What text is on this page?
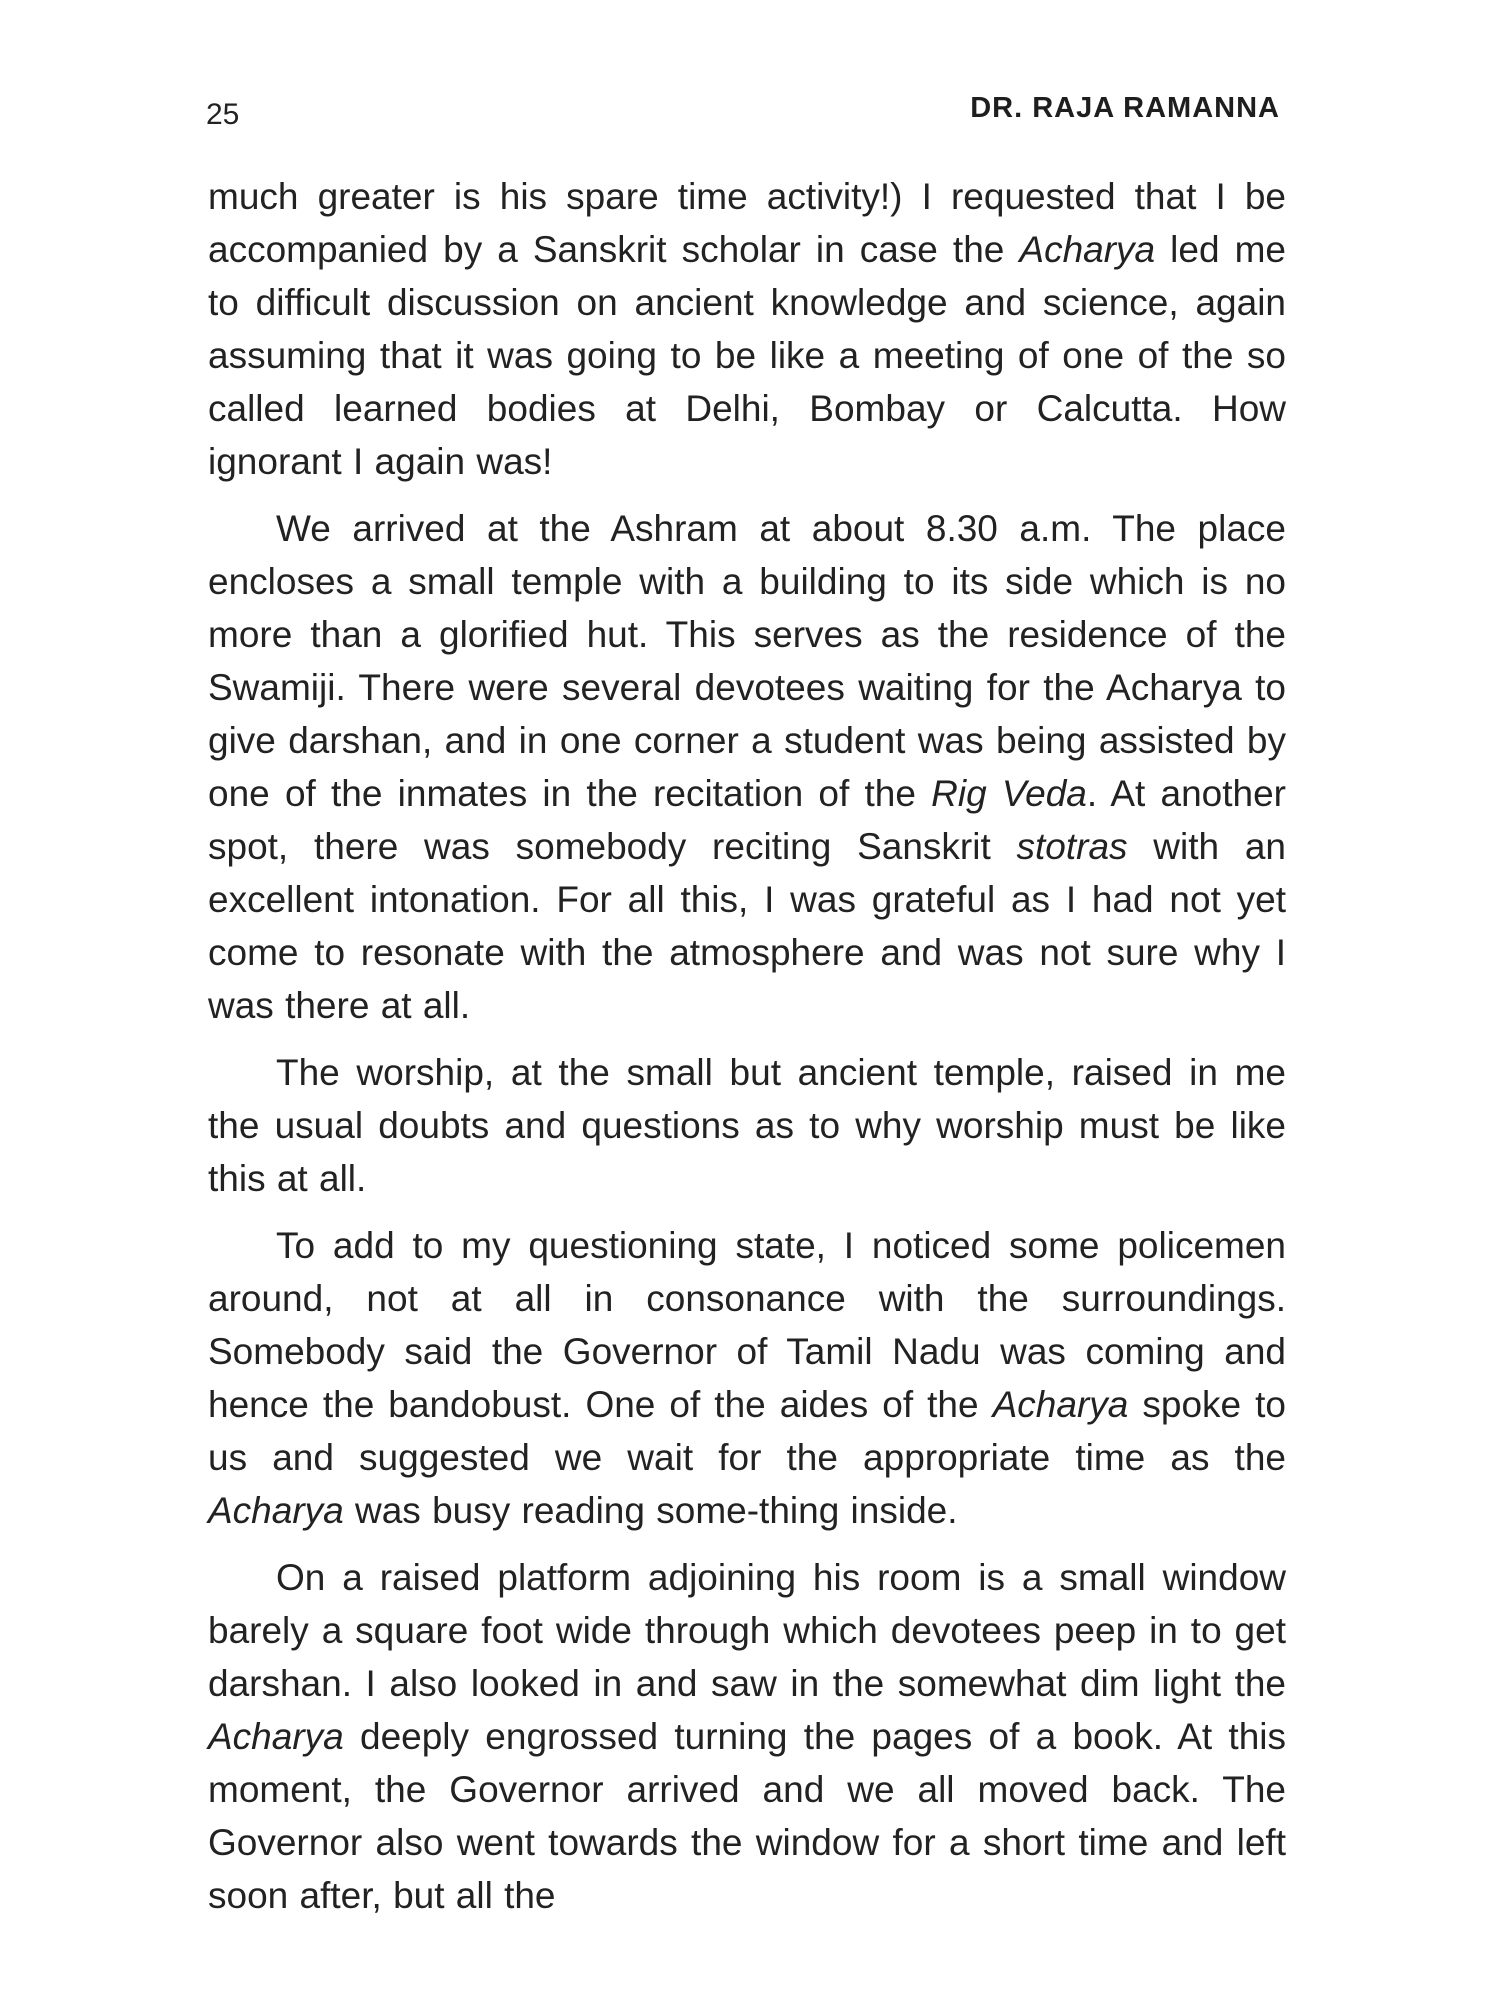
25	DR. RAJA RAMANNA

much greater is his spare time activity!) I requested that I be accompanied by a Sanskrit scholar in case the Acharya led me to difficult discussion on ancient knowledge and science, again assuming that it was going to be like a meeting of one of the so called learned bodies at Delhi, Bombay or Calcutta. How ignorant I again was!

We arrived at the Ashram at about 8.30 a.m. The place encloses a small temple with a building to its side which is no more than a glorified hut. This serves as the residence of the Swamiji. There were several devotees waiting for the Acharya to give darshan, and in one corner a student was being assisted by one of the inmates in the recitation of the Rig Veda. At another spot, there was somebody reciting Sanskrit stotras with an excellent intonation. For all this, I was grateful as I had not yet come to resonate with the atmosphere and was not sure why I was there at all.

The worship, at the small but ancient temple, raised in me the usual doubts and questions as to why worship must be like this at all.

To add to my questioning state, I noticed some policemen around, not at all in consonance with the surroundings. Somebody said the Governor of Tamil Nadu was coming and hence the bandobust. One of the aides of the Acharya spoke to us and suggested we wait for the appropriate time as the Acharya was busy reading some-thing inside.

On a raised platform adjoining his room is a small window barely a square foot wide through which devotees peep in to get darshan. I also looked in and saw in the somewhat dim light the Acharya deeply engrossed turning the pages of a book. At this moment, the Governor arrived and we all moved back. The Governor also went towards the window for a short time and left soon after, but all the
